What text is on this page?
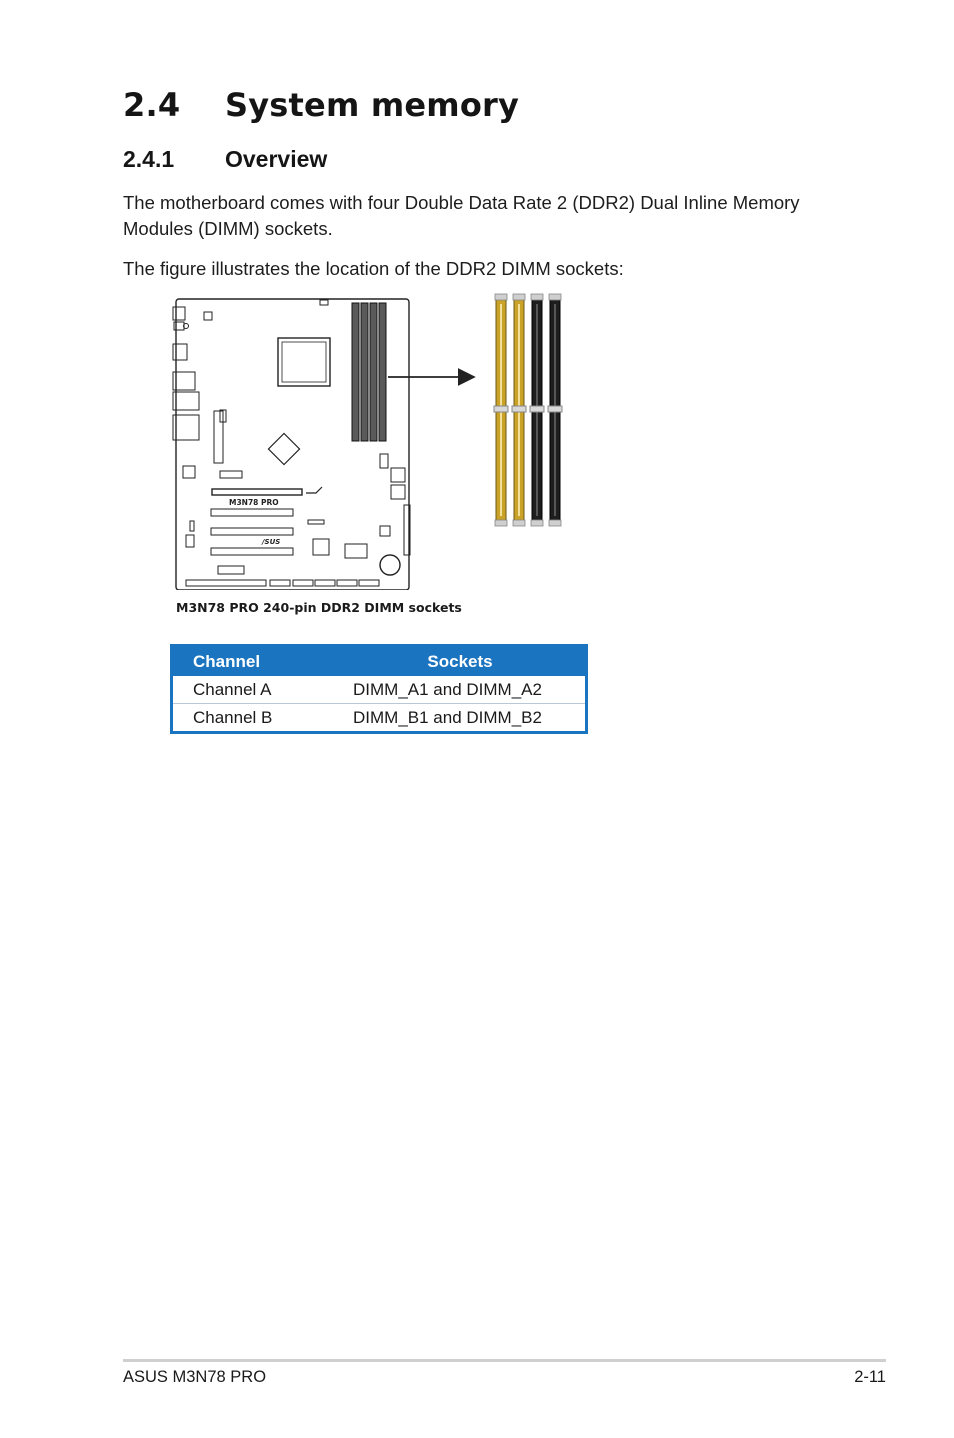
2.4 System memory
2.4.1 Overview

The motherboard comes with four Double Data Rate 2 (DDR2) Dual Inline Memory Modules (DIMM) sockets.

The figure illustrates the location of the DDR2 DIMM sockets:

M3N78 PRO
/SUS

M3N78 PRO 240-pin DDR2 DIMM sockets

Channel	Sockets
Channel A	DIMM_A1 and DIMM_A2
Channel B	DIMM_B1 and DIMM_B2
ASUS M3N78 PRO	2-11
